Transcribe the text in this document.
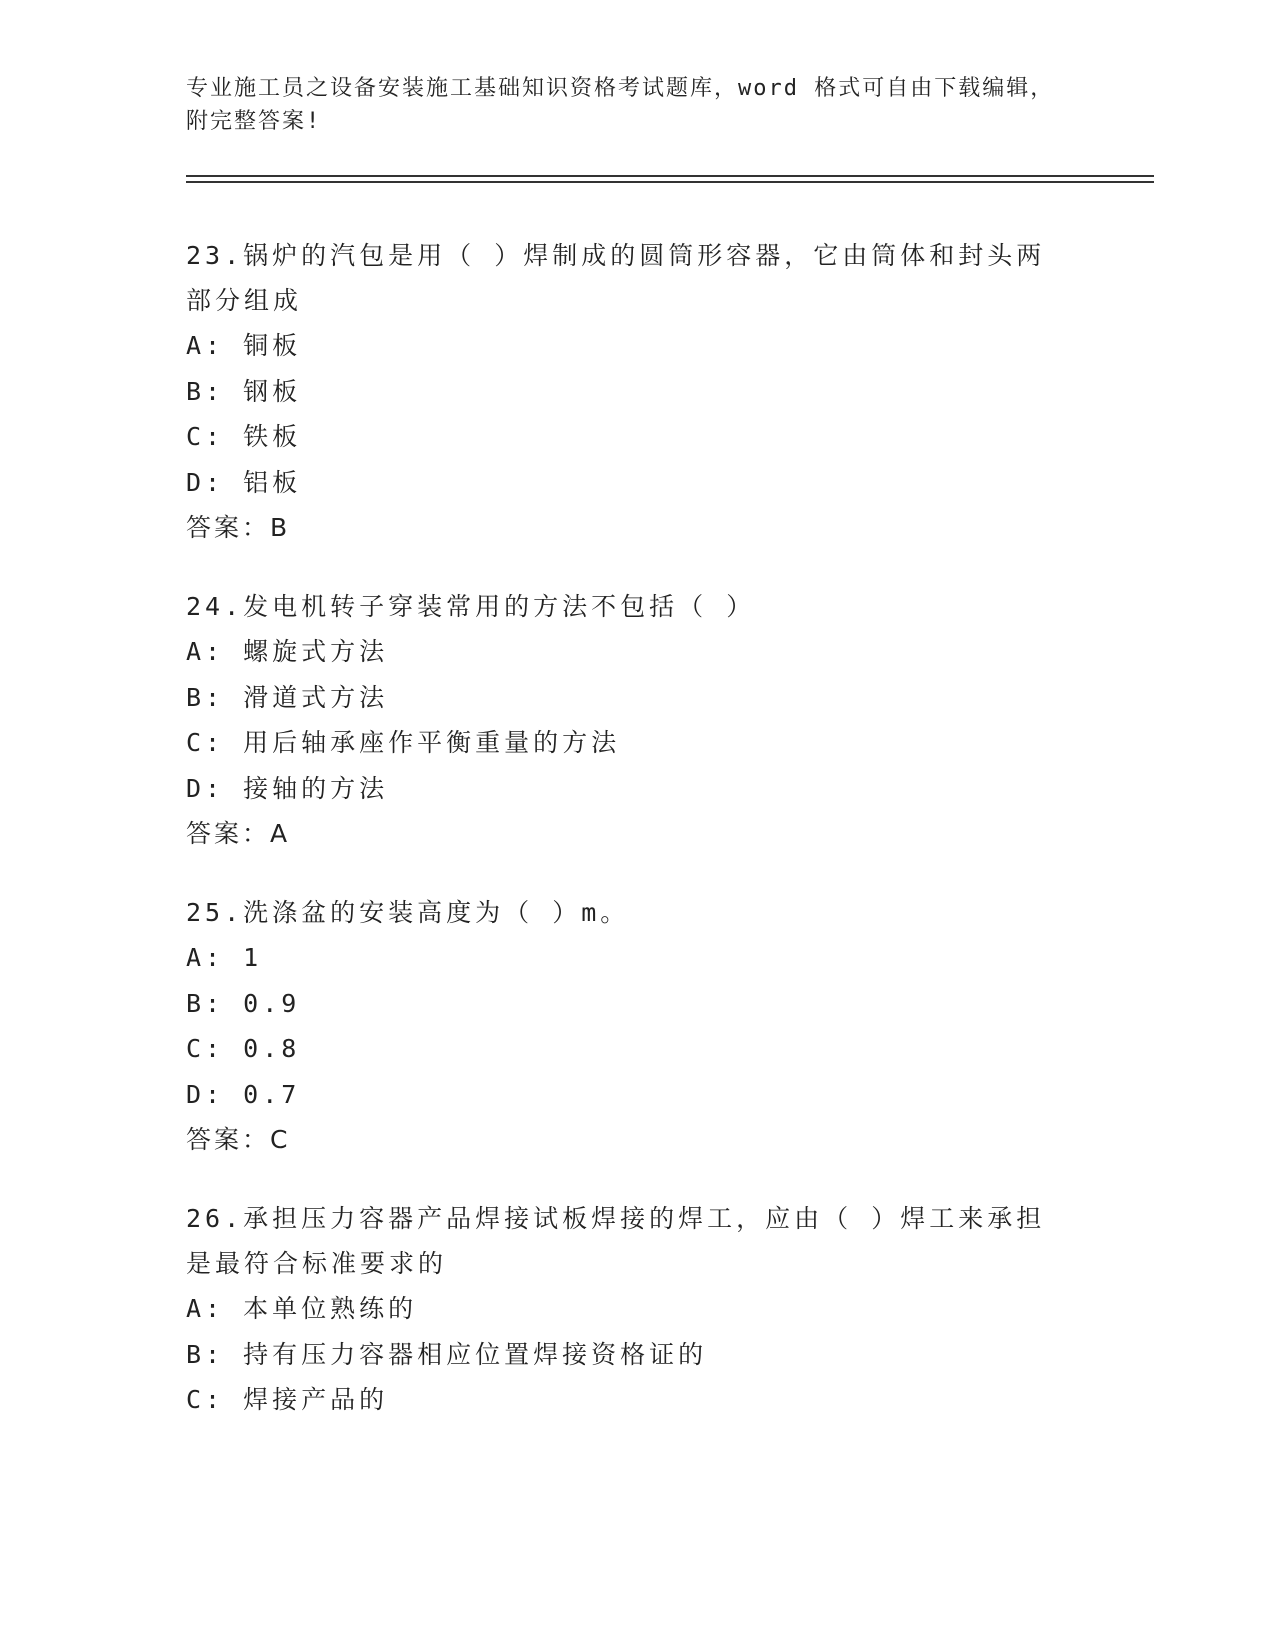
专业施工员之设备安装施工基础知识资格考试题库，word 格式可自由下载编辑，
附完整答案!
23.锅炉的汽包是用（ ）焊制成的圆筒形容器，它由筒体和封头两部分组成
A: 铜板
B: 钢板
C: 铁板
D: 铝板
答案：B
24.发电机转子穿装常用的方法不包括（ ）
A: 螺旋式方法
B: 滑道式方法
C: 用后轴承座作平衡重量的方法
D: 接轴的方法
答案：A
25.洗涤盆的安装高度为（ ）m。
A: 1
B: 0.9
C: 0.8
D: 0.7
答案：C
26.承担压力容器产品焊接试板焊接的焊工，应由（ ）焊工来承担是最符合标准要求的
A: 本单位熟练的
B: 持有压力容器相应位置焊接资格证的
C: 焊接产品的
